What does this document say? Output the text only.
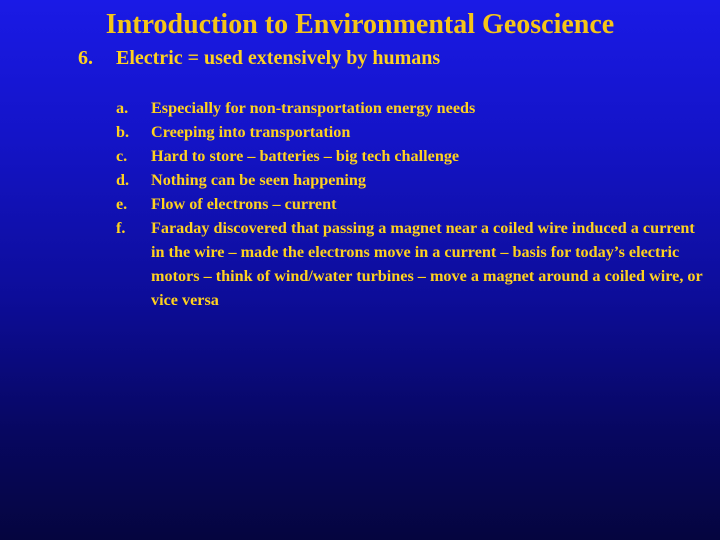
Introduction to Environmental Geoscience
6. Electric = used extensively by humans
a.	Especially for non-transportation energy needs
b.	Creeping into transportation
c.	Hard to store – batteries – big tech challenge
d.	Nothing can be seen happening
e.	Flow of electrons – current
f.	Faraday discovered that passing a magnet near a coiled wire induced a current in the wire – made the electrons move in a current – basis for today’s electric motors – think of wind/water turbines – move a magnet around a coiled wire, or vice versa
